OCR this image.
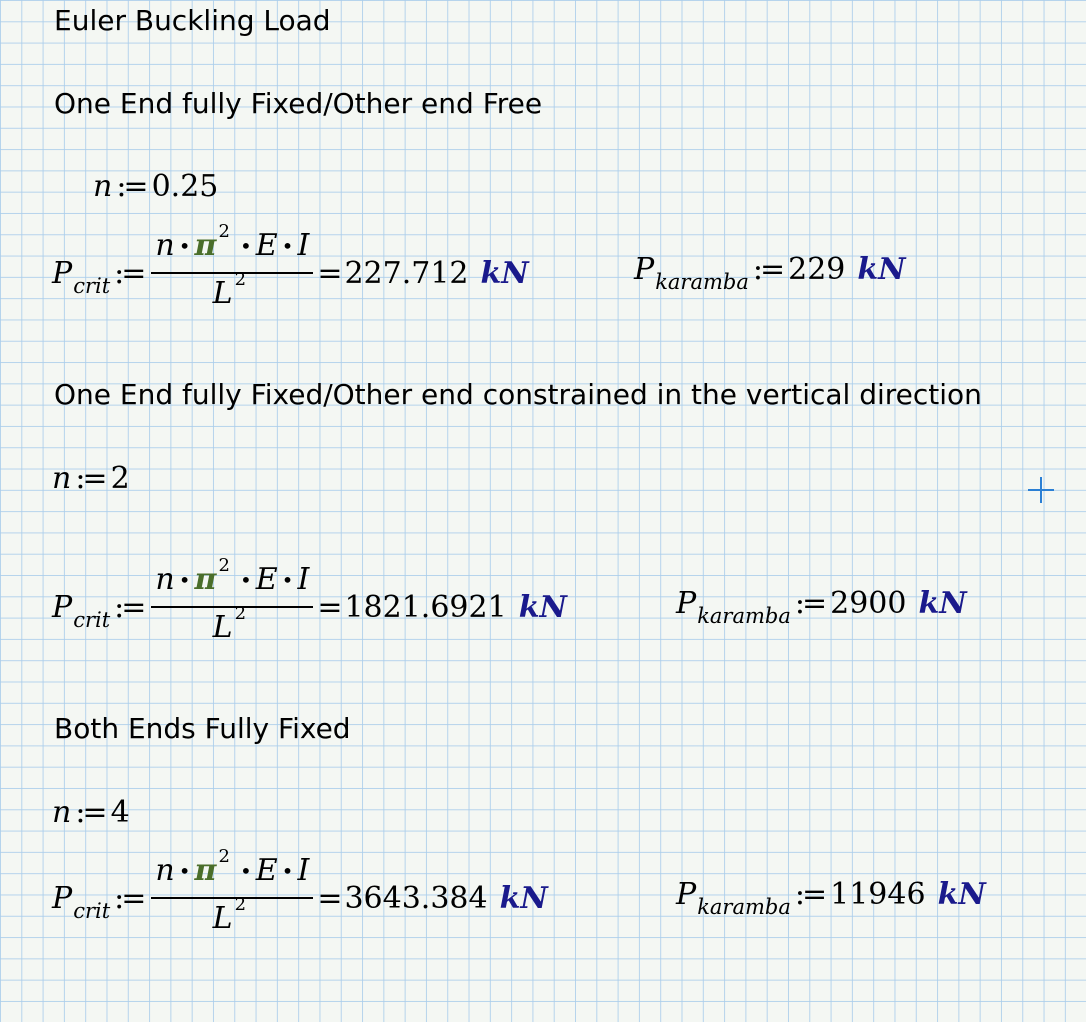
Euler Buckling Load
One End fully Fixed/Other end Free
One End fully Fixed/Other end constrained in the vertical direction
Both Ends Fully Fixed
n := 0.25
P crit := n • π 2
• E • I
L 2 = 227.712 kN	P karamba := 229 kN
n := 2
P crit := n • π 2
• E • I
L 2 = 1821.6921 kN	P karamba := 2900 kN
n := 4
P crit := n • π 2
• E • I
L 2 = 3643.384 kN	P karamba := 11946 kN
